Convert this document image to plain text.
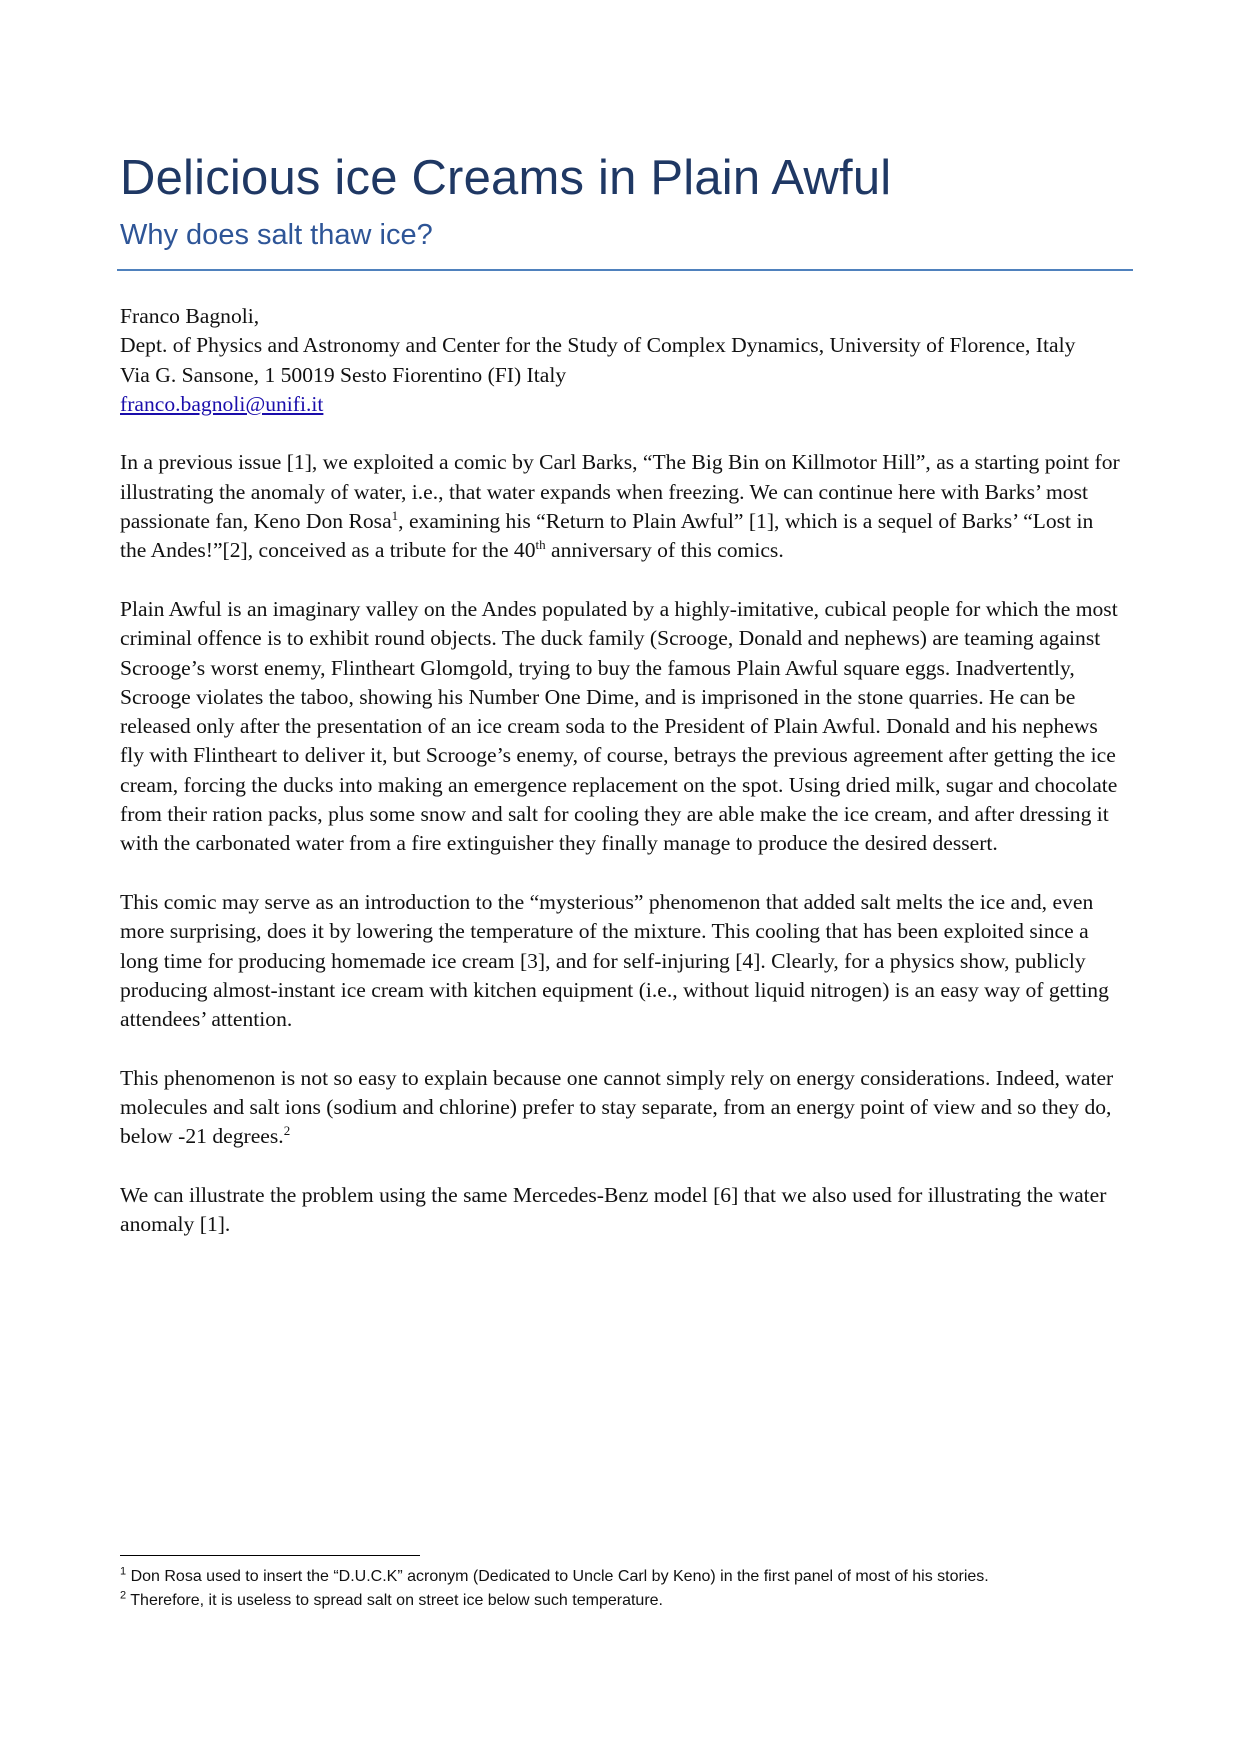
Delicious ice Creams in Plain Awful
Why does salt thaw ice?

Franco Bagnoli,
Dept. of Physics and Astronomy and Center for the Study of Complex Dynamics, University of Florence, Italy
Via G. Sansone, 1 50019 Sesto Fiorentino (FI) Italy
franco.bagnoli@unifi.it

In a previous issue [1], we exploited a comic by Carl Barks, “The Big Bin on Killmotor Hill”, as a starting point for illustrating the anomaly of water, i.e., that water expands when freezing. We can continue here with Barks’ most passionate fan, Keno Don Rosa$^1$, examining his “Return to Plain Awful” [1], which is a sequel of Barks’ “Lost in the Andes!”[2], conceived as a tribute for the 40th anniversary of this comics.

Plain Awful is an imaginary valley on the Andes populated by a highly-imitative, cubical people for which the most criminal offence is to exhibit round objects. The duck family (Scrooge, Donald and nephews) are teaming against Scrooge’s worst enemy, Flintheart Glomgold, trying to buy the famous Plain Awful square eggs. Inadvertently, Scrooge violates the taboo, showing his Number One Dime, and is imprisoned in the stone quarries. He can be released only after the presentation of an ice cream soda to the President of Plain Awful. Donald and his nephews fly with Flintheart to deliver it, but Scrooge’s enemy, of course, betrays the previous agreement after getting the ice cream, forcing the ducks into making an emergence replacement on the spot. Using dried milk, sugar and chocolate from their ration packs, plus some snow and salt for cooling they are able make the ice cream, and after dressing it with the carbonated water from a fire extinguisher they finally manage to produce the desired dessert.

This comic may serve as an introduction to the “mysterious” phenomenon that added salt melts the ice and, even more surprising, does it by lowering the temperature of the mixture. This cooling that has been exploited since a long time for producing homemade ice cream [3], and for self-injuring [4]. Clearly, for a physics show, publicly producing almost-instant ice cream with kitchen equipment (i.e., without liquid nitrogen) is an easy way of getting attendees’ attention.

This phenomenon is not so easy to explain because one cannot simply rely on energy considerations. Indeed, water molecules and salt ions (sodium and chlorine) prefer to stay separate, from an energy point of view and so they do, below -21 degrees.$^2$

We can illustrate the problem using the same Mercedes-Benz model [6] that we also used for illustrating the water anomaly [1].

$^1$ Don Rosa used to insert the “D.U.C.K” acronym (Dedicated to Uncle Carl by Keno) in the first panel of most of his stories.

$^2$ Therefore, it is useless to spread salt on street ice below such temperature.
